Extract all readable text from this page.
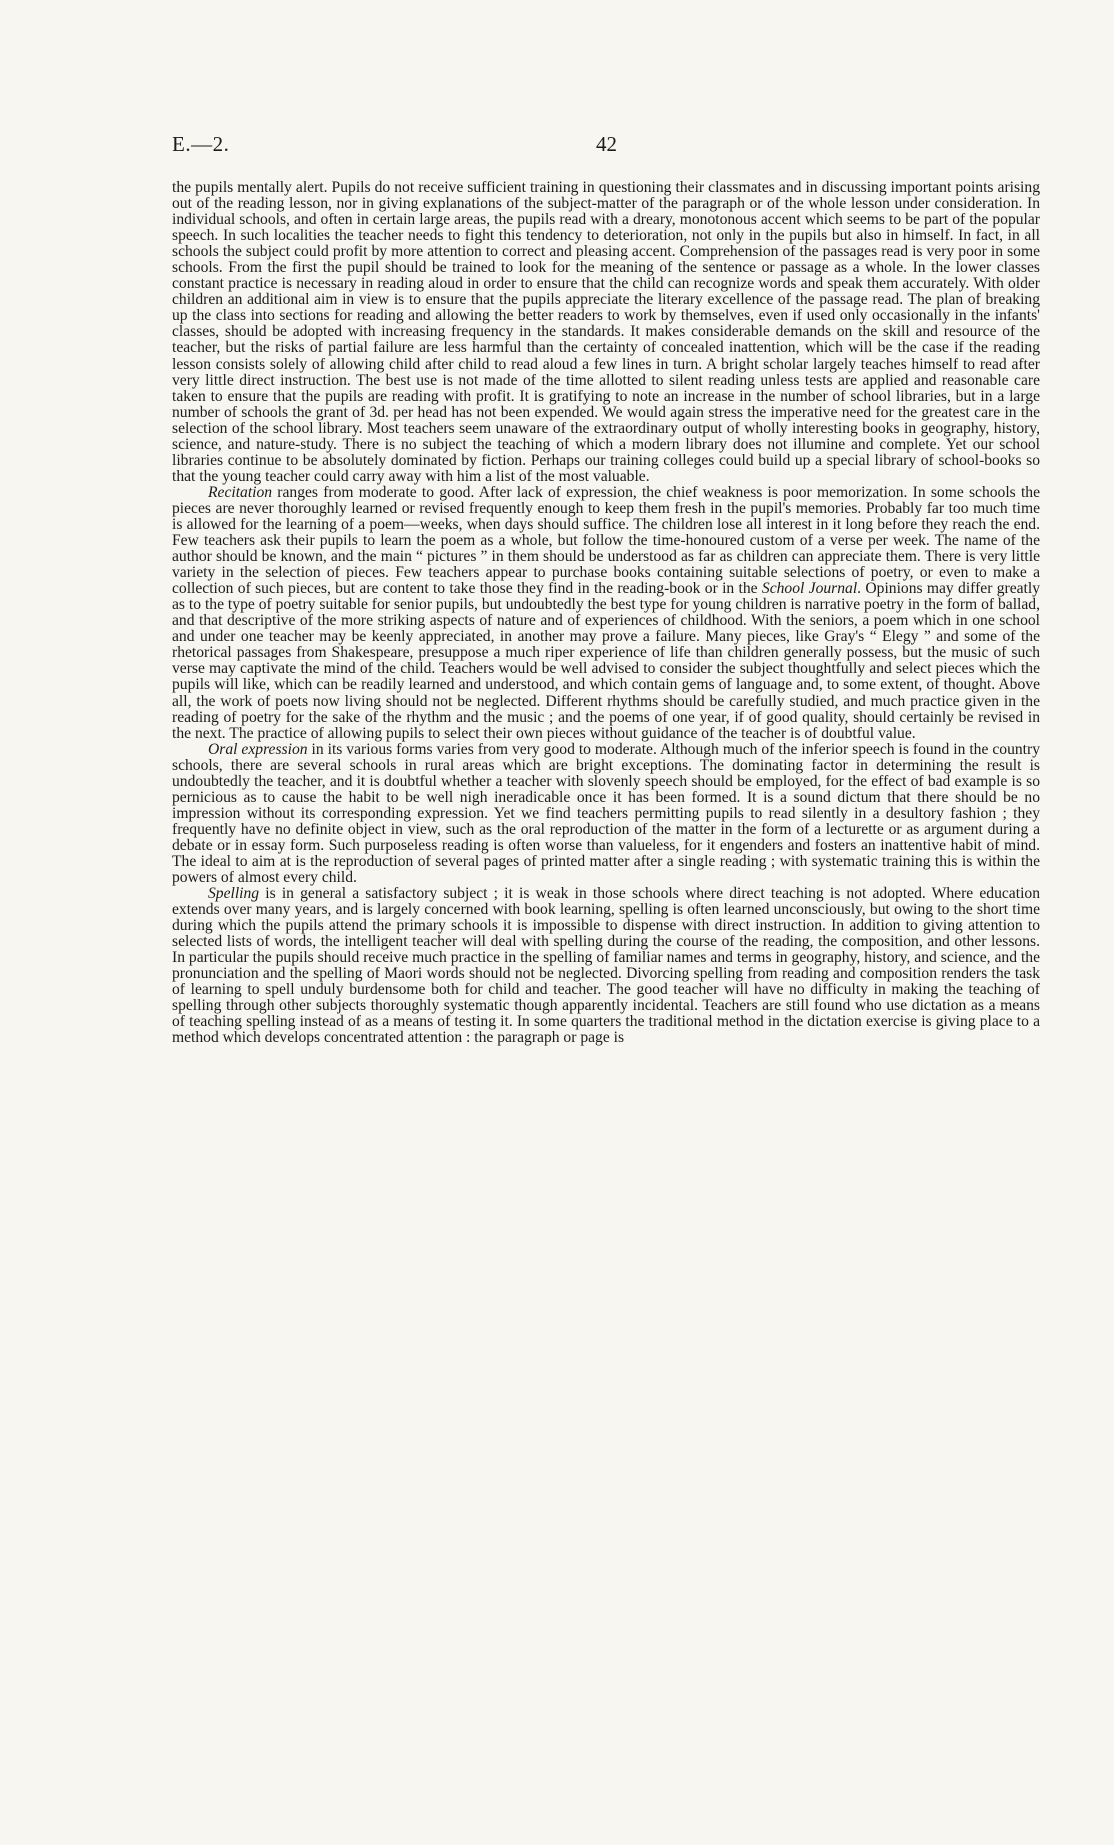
E.—2.	42

the pupils mentally alert. Pupils do not receive sufficient training in questioning their classmates and in discussing important points arising out of the reading lesson, nor in giving explanations of the subject-matter of the paragraph or of the whole lesson under consideration. In individual schools, and often in certain large areas, the pupils read with a dreary, monotonous accent which seems to be part of the popular speech. In such localities the teacher needs to fight this tendency to deterioration, not only in the pupils but also in himself. In fact, in all schools the subject could profit by more attention to correct and pleasing accent. Comprehension of the passages read is very poor in some schools. From the first the pupil should be trained to look for the meaning of the sentence or passage as a whole. In the lower classes constant practice is necessary in reading aloud in order to ensure that the child can recognize words and speak them accurately. With older children an additional aim in view is to ensure that the pupils appreciate the literary excellence of the passage read. The plan of breaking up the class into sections for reading and allowing the better readers to work by themselves, even if used only occasionally in the infants' classes, should be adopted with increasing frequency in the standards. It makes considerable demands on the skill and resource of the teacher, but the risks of partial failure are less harmful than the certainty of concealed inattention, which will be the case if the reading lesson consists solely of allowing child after child to read aloud a few lines in turn. A bright scholar largely teaches himself to read after very little direct instruction. The best use is not made of the time allotted to silent reading unless tests are applied and reasonable care taken to ensure that the pupils are reading with profit. It is gratifying to note an increase in the number of school libraries, but in a large number of schools the grant of 3d. per head has not been expended. We would again stress the imperative need for the greatest care in the selection of the school library. Most teachers seem unaware of the extraordinary output of wholly interesting books in geography, history, science, and nature-study. There is no subject the teaching of which a modern library does not illumine and complete. Yet our school libraries continue to be absolutely dominated by fiction. Perhaps our training colleges could build up a special library of school-books so that the young teacher could carry away with him a list of the most valuable.

Recitation ranges from moderate to good. After lack of expression, the chief weakness is poor memorization. In some schools the pieces are never thoroughly learned or revised frequently enough to keep them fresh in the pupil's memories. Probably far too much time is allowed for the learning of a poem—weeks, when days should suffice. The children lose all interest in it long before they reach the end. Few teachers ask their pupils to learn the poem as a whole, but follow the time-honoured custom of a verse per week. The name of the author should be known, and the main “ pictures ” in them should be understood as far as children can appreciate them. There is very little variety in the selection of pieces. Few teachers appear to purchase books containing suitable selections of poetry, or even to make a collection of such pieces, but are content to take those they find in the reading-book or in the School Journal. Opinions may differ greatly as to the type of poetry suitable for senior pupils, but undoubtedly the best type for young children is narrative poetry in the form of ballad, and that descriptive of the more striking aspects of nature and of experiences of childhood. With the seniors, a poem which in one school and under one teacher may be keenly appreciated, in another may prove a failure. Many pieces, like Gray's “ Elegy ” and some of the rhetorical passages from Shakespeare, presuppose a much riper experience of life than children generally possess, but the music of such verse may captivate the mind of the child. Teachers would be well advised to consider the subject thoughtfully and select pieces which the pupils will like, which can be readily learned and understood, and which contain gems of language and, to some extent, of thought. Above all, the work of poets now living should not be neglected. Different rhythms should be carefully studied, and much practice given in the reading of poetry for the sake of the rhythm and the music ; and the poems of one year, if of good quality, should certainly be revised in the next. The practice of allowing pupils to select their own pieces without guidance of the teacher is of doubtful value.

Oral expression in its various forms varies from very good to moderate. Although much of the inferior speech is found in the country schools, there are several schools in rural areas which are bright exceptions. The dominating factor in determining the result is undoubtedly the teacher, and it is doubtful whether a teacher with slovenly speech should be employed, for the effect of bad example is so pernicious as to cause the habit to be well nigh ineradicable once it has been formed. It is a sound dictum that there should be no impression without its corresponding expression. Yet we find teachers permitting pupils to read silently in a desultory fashion ; they frequently have no definite object in view, such as the oral reproduction of the matter in the form of a lecturette or as argument during a debate or in essay form. Such purposeless reading is often worse than valueless, for it engenders and fosters an inattentive habit of mind. The ideal to aim at is the reproduction of several pages of printed matter after a single reading ; with systematic training this is within the powers of almost every child.

Spelling is in general a satisfactory subject ; it is weak in those schools where direct teaching is not adopted. Where education extends over many years, and is largely concerned with book learning, spelling is often learned unconsciously, but owing to the short time during which the pupils attend the primary schools it is impossible to dispense with direct instruction. In addition to giving attention to selected lists of words, the intelligent teacher will deal with spelling during the course of the reading, the composition, and other lessons. In particular the pupils should receive much practice in the spelling of familiar names and terms in geography, history, and science, and the pronunciation and the spelling of Maori words should not be neglected. Divorcing spelling from reading and composition renders the task of learning to spell unduly burdensome both for child and teacher. The good teacher will have no difficulty in making the teaching of spelling through other subjects thoroughly systematic though apparently incidental. Teachers are still found who use dictation as a means of teaching spelling instead of as a means of testing it. In some quarters the traditional method in the dictation exercise is giving place to a method which develops concentrated attention : the paragraph or page is
